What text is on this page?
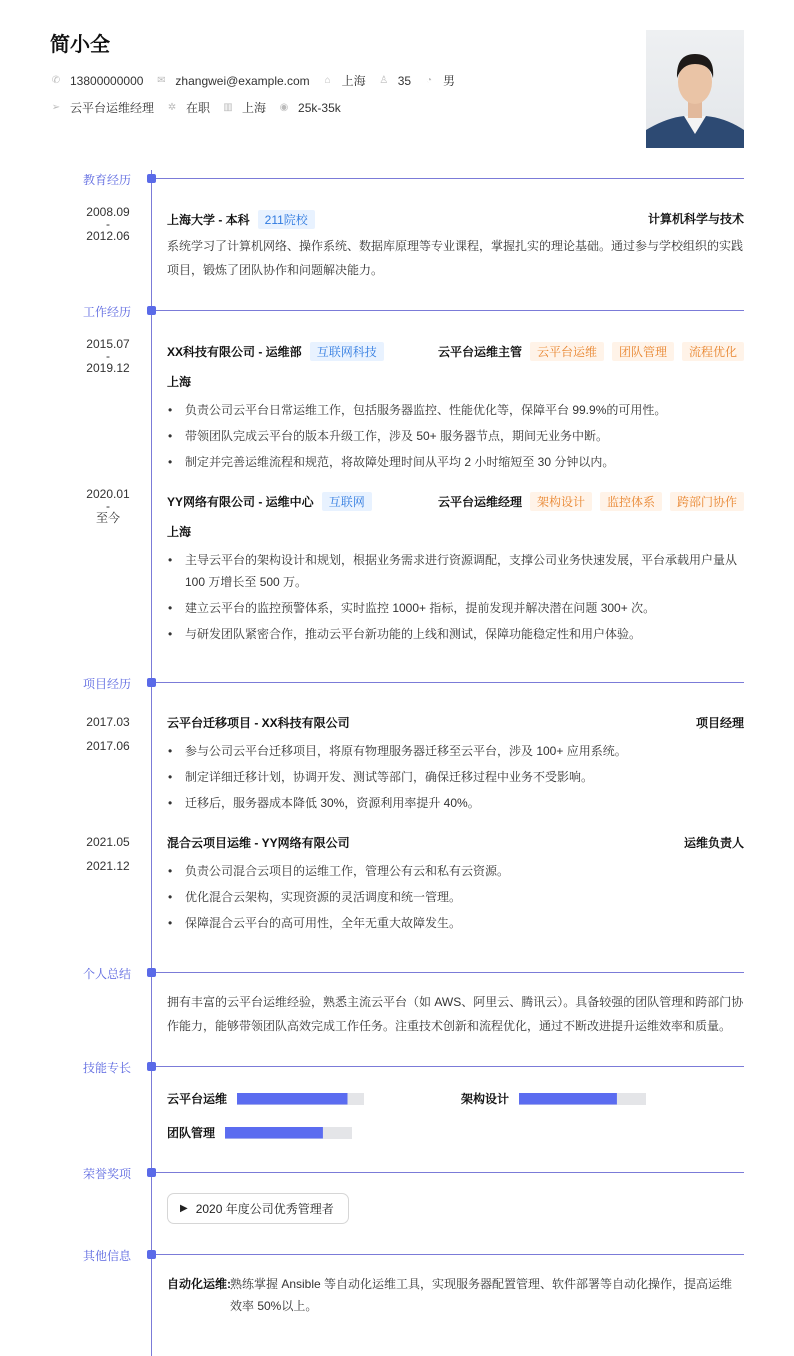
简小全
✆ 13800000000 ✉ zhangwei@example.com ⌂ 上海 ♙ 35 ◔ 男
➢ 云平台运维经理 ✲ 在职 ▥ 上海 ◉ 25k-35k
教育经历
工作经历
项目经历
个人总结
技能专长
荣誉奖项
其他信息
2008.09
-
2012.06
上海大学 - 本科	211院校	计算机科学与技术
系统学习了计算机网络、操作系统、数据库原理等专业课程，掌握扎实的理论基础。通过参与学校组织的实践项目，锻炼了团队协作和问题解决能力。
2015.07
-
2019.12
XX科技有限公司 - 运维部	互联网科技	云平台运维主管	云平台运维	团队管理	流程优化
上海
• 负责公司云平台日常运维工作，包括服务器监控、性能优化等，保障平台 99.9%的可用性。
• 带领团队完成云平台的版本升级工作，涉及 50+ 服务器节点，期间无业务中断。
• 制定并完善运维流程和规范，将故障处理时间从平均 2 小时缩短至 30 分钟以内。
2020.01
-
至今
YY网络有限公司 - 运维中心	互联网	云平台运维经理	架构设计	监控体系	跨部门协作
上海
• 主导云平台的架构设计和规划，根据业务需求进行资源调配，支撑公司业务快速发展，平台承载用户量从 100 万增长至 500 万。
• 建立云平台的监控预警体系，实时监控 1000+ 指标，提前发现并解决潜在问题 300+ 次。
• 与研发团队紧密合作，推动云平台新功能的上线和测试，保障功能稳定性和用户体验。
2017.03
2017.06
云平台迁移项目 - XX科技有限公司	项目经理
• 参与公司云平台迁移项目，将原有物理服务器迁移至云平台，涉及 100+ 应用系统。
• 制定详细迁移计划，协调开发、测试等部门，确保迁移过程中业务不受影响。
• 迁移后，服务器成本降低 30%，资源利用率提升 40%。
2021.05
2021.12
混合云项目运维 - YY网络有限公司	运维负责人
• 负责公司混合云项目的运维工作，管理公有云和私有云资源。
• 优化混合云架构，实现资源的灵活调度和统一管理。
• 保障混合云平台的高可用性，全年无重大故障发生。
拥有丰富的云平台运维经验，熟悉主流云平台（如 AWS、阿里云、腾讯云）。具备较强的团队管理和跨部门协作能力，能够带领团队高效完成工作任务。注重技术创新和流程优化，通过不断改进提升运维效率和质量。
云平台运维	架构设计
团队管理
▶ 2020 年度公司优秀管理者
自动化运维: 熟练掌握 Ansible 等自动化运维工具，实现服务器配置管理、软件部署等自动化操作，提高运维效率 50%以上。
